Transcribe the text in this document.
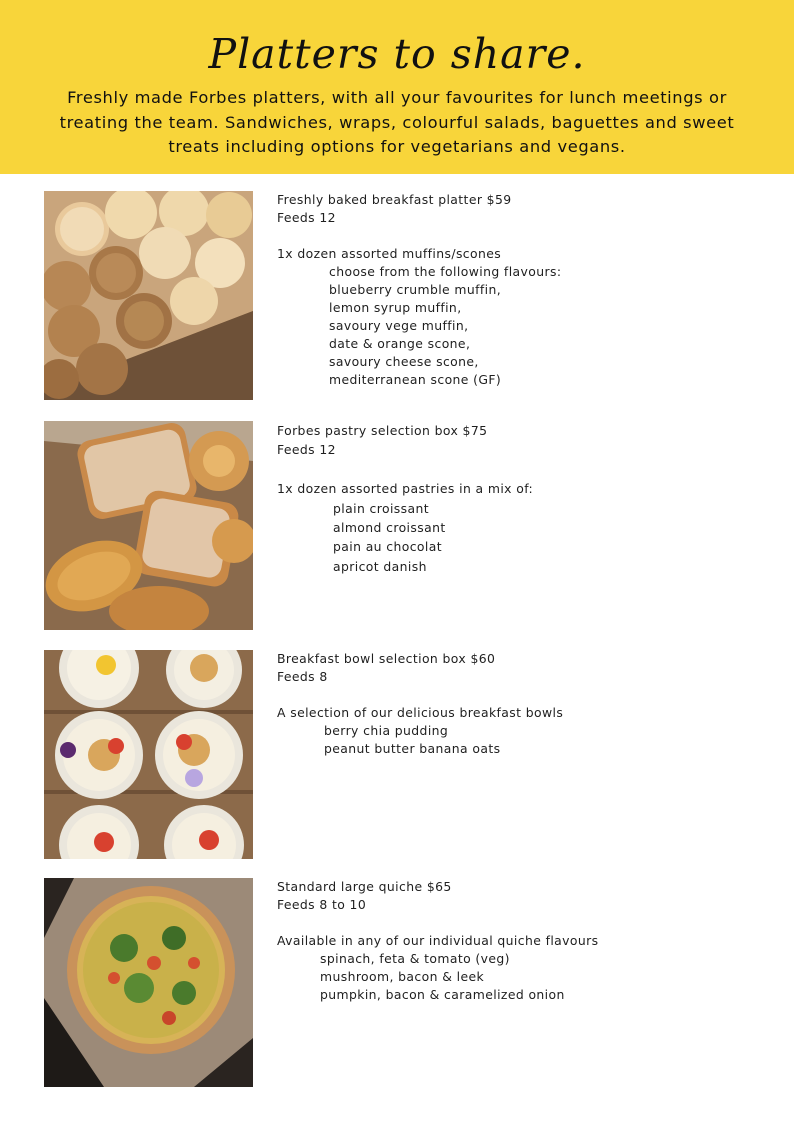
Platters to share.
Freshly made Forbes platters, with all your favourites for lunch meetings or
treating the team. Sandwiches, wraps, colourful salads, baguettes and sweet
treats including options for vegetarians and vegans.
Freshly baked breakfast platter $59
Feeds 12
1x dozen assorted muffins/scones
choose from the following flavours:
blueberry crumble muffin,
lemon syrup muffin,
savoury vege muffin,
date & orange scone,
savoury cheese scone,
mediterranean scone (GF)
Forbes pastry selection box $75
Feeds 12
1x dozen assorted pastries in a mix of:
plain croissant
almond croissant
pain au chocolat
apricot danish
Breakfast bowl selection box $60
Feeds 8
A selection of our delicious breakfast bowls
berry chia pudding
peanut butter banana oats
Standard large quiche $65
Feeds 8 to 10
Available in any of our individual quiche flavours
spinach, feta & tomato (veg)
mushroom, bacon & leek
pumpkin, bacon & caramelized onion
